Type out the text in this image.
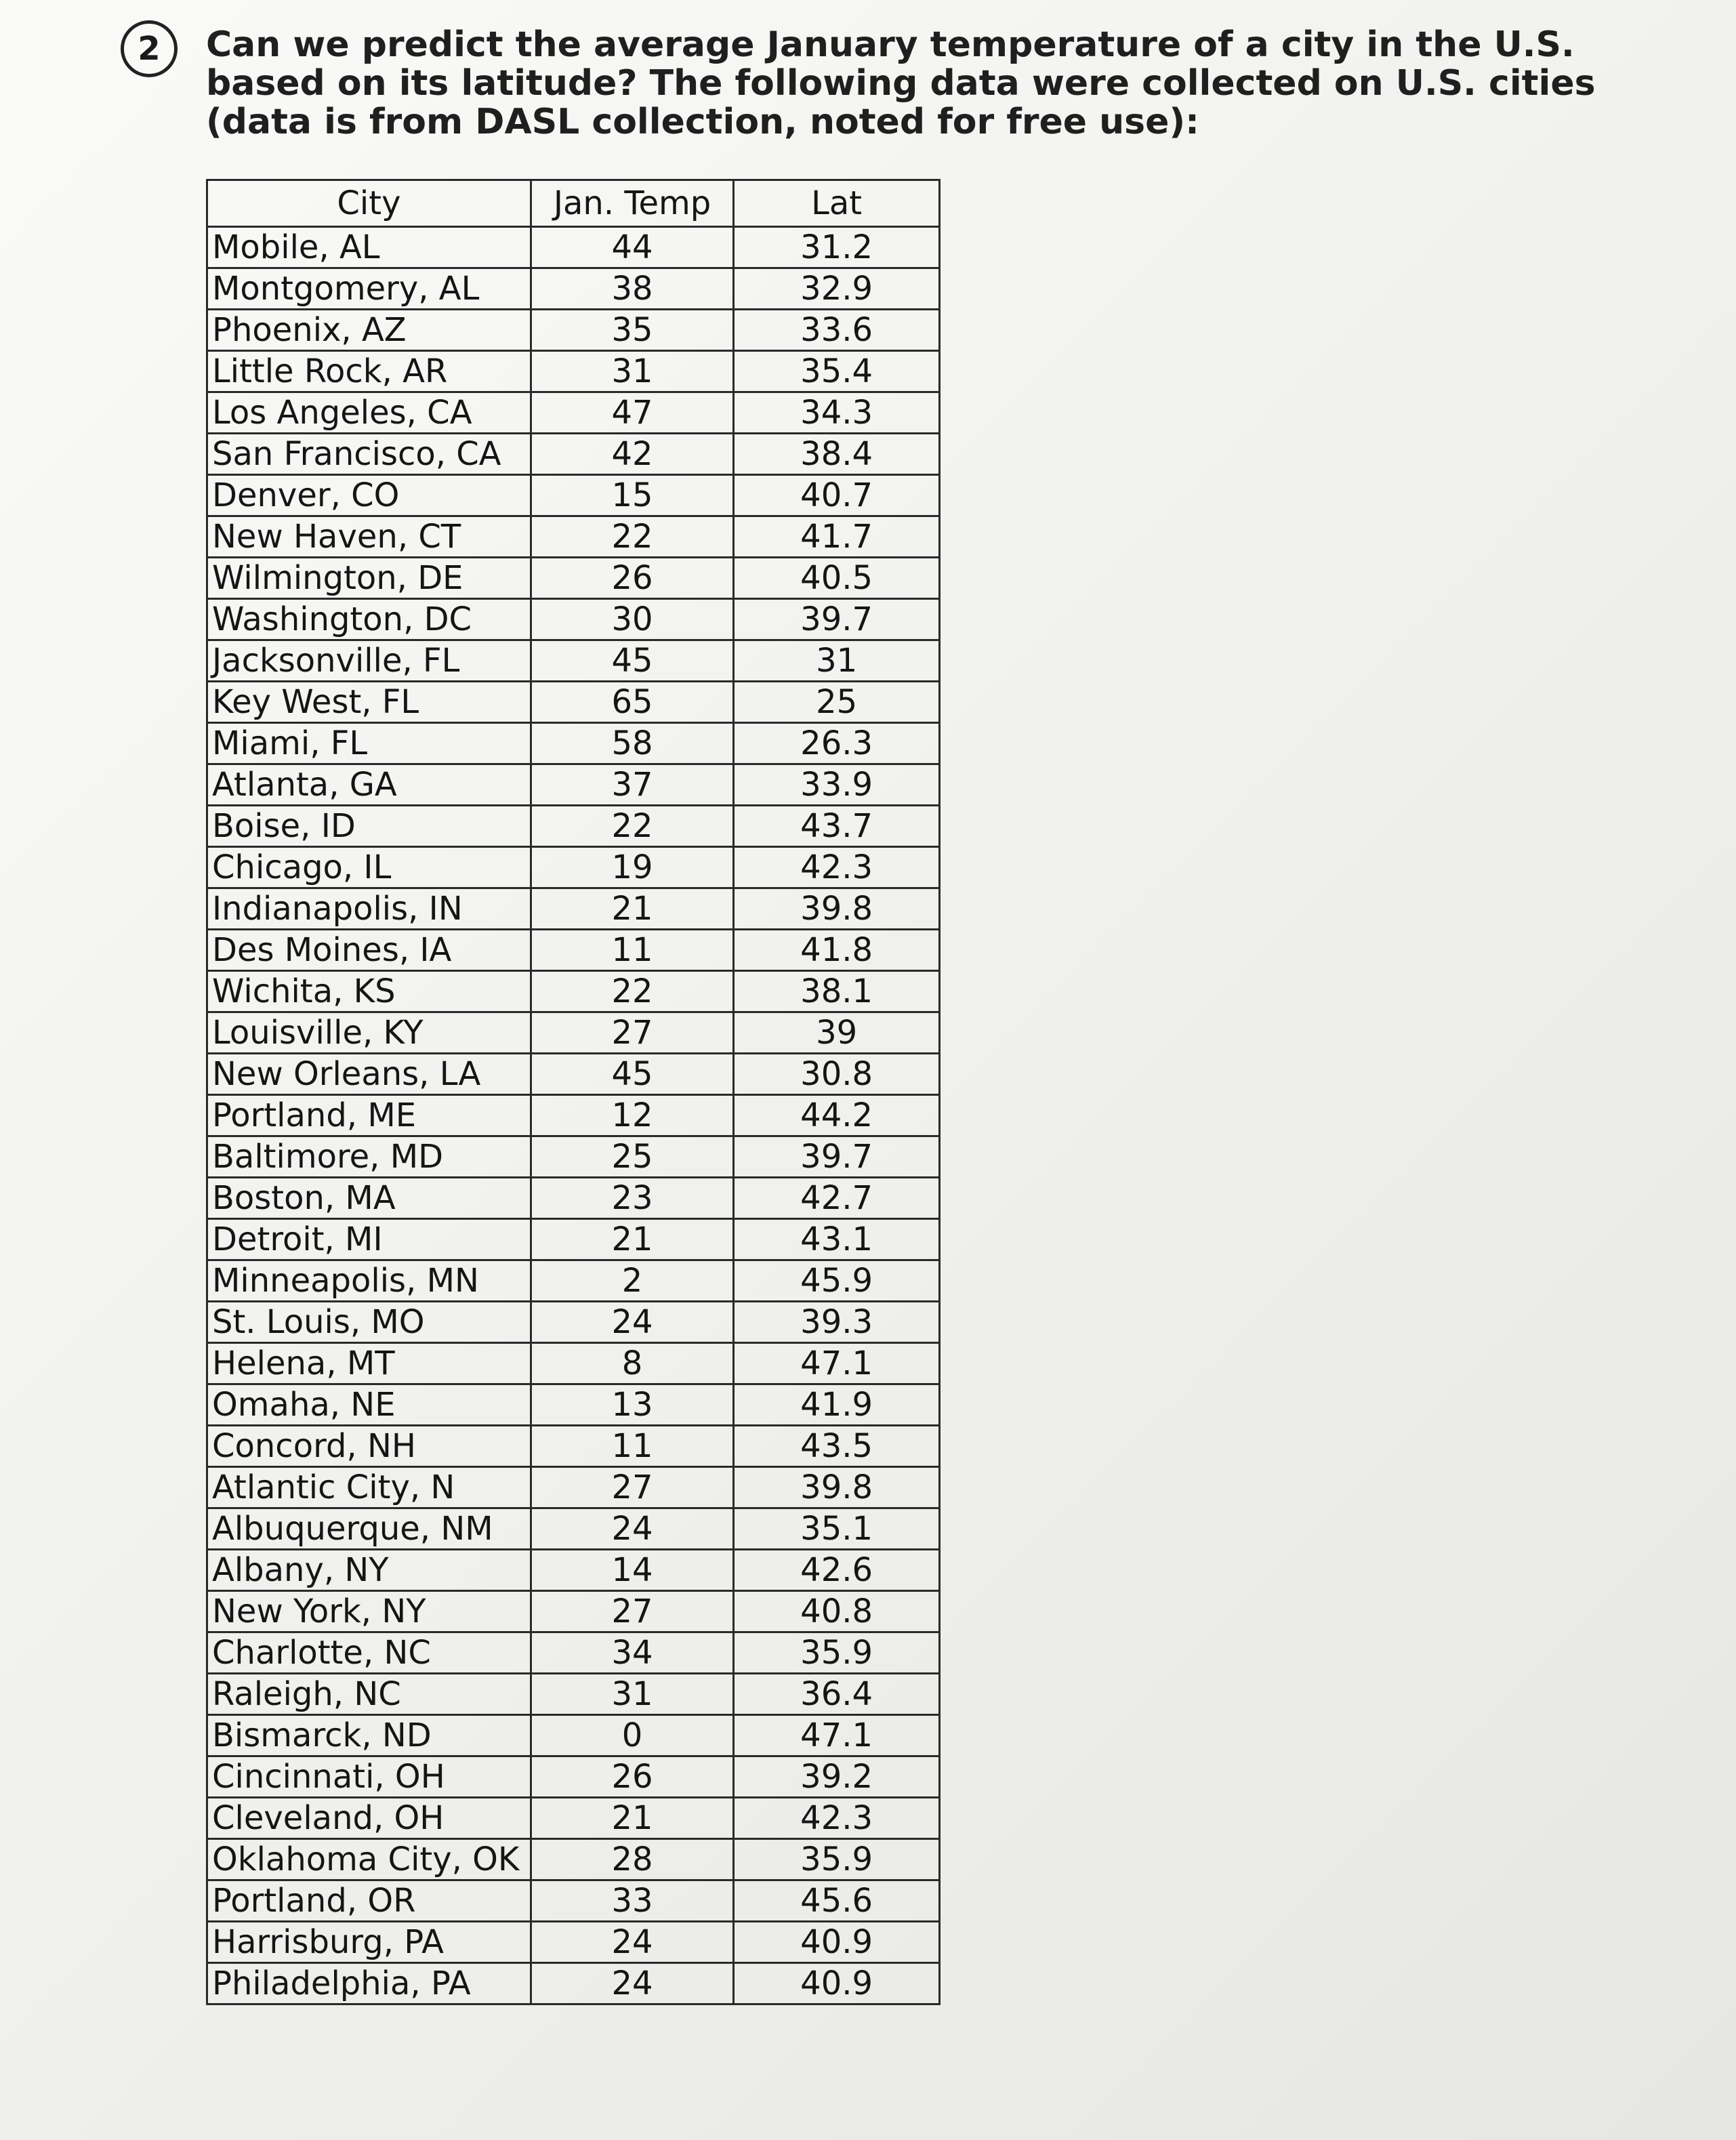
2	Can we predict the average January temperature of a city in the U.S. based on its latitude? The following data were collected on U.S. cities (data is from DASL collection, noted for free use):
City	Jan. Temp	Lat
Mobile, AL	44	31.2
Montgomery, AL	38	32.9
Phoenix, AZ	35	33.6
Little Rock, AR	31	35.4
Los Angeles, CA	47	34.3
San Francisco, CA	42	38.4
Denver, CO	15	40.7
New Haven, CT	22	41.7
Wilmington, DE	26	40.5
Washington, DC	30	39.7
Jacksonville, FL	45	31
Key West, FL	65	25
Miami, FL	58	26.3
Atlanta, GA	37	33.9
Boise, ID	22	43.7
Chicago, IL	19	42.3
Indianapolis, IN	21	39.8
Des Moines, IA	11	41.8
Wichita, KS	22	38.1
Louisville, KY	27	39
New Orleans, LA	45	30.8
Portland, ME	12	44.2
Baltimore, MD	25	39.7
Boston, MA	23	42.7
Detroit, MI	21	43.1
Minneapolis, MN	2	45.9
St. Louis, MO	24	39.3
Helena, MT	8	47.1
Omaha, NE	13	41.9
Concord, NH	11	43.5
Atlantic City, N	27	39.8
Albuquerque, NM	24	35.1
Albany, NY	14	42.6
New York, NY	27	40.8
Charlotte, NC	34	35.9
Raleigh, NC	31	36.4
Bismarck, ND	0	47.1
Cincinnati, OH	26	39.2
Cleveland, OH	21	42.3
Oklahoma City, OK	28	35.9
Portland, OR	33	45.6
Harrisburg, PA	24	40.9
Philadelphia, PA	24	40.9
